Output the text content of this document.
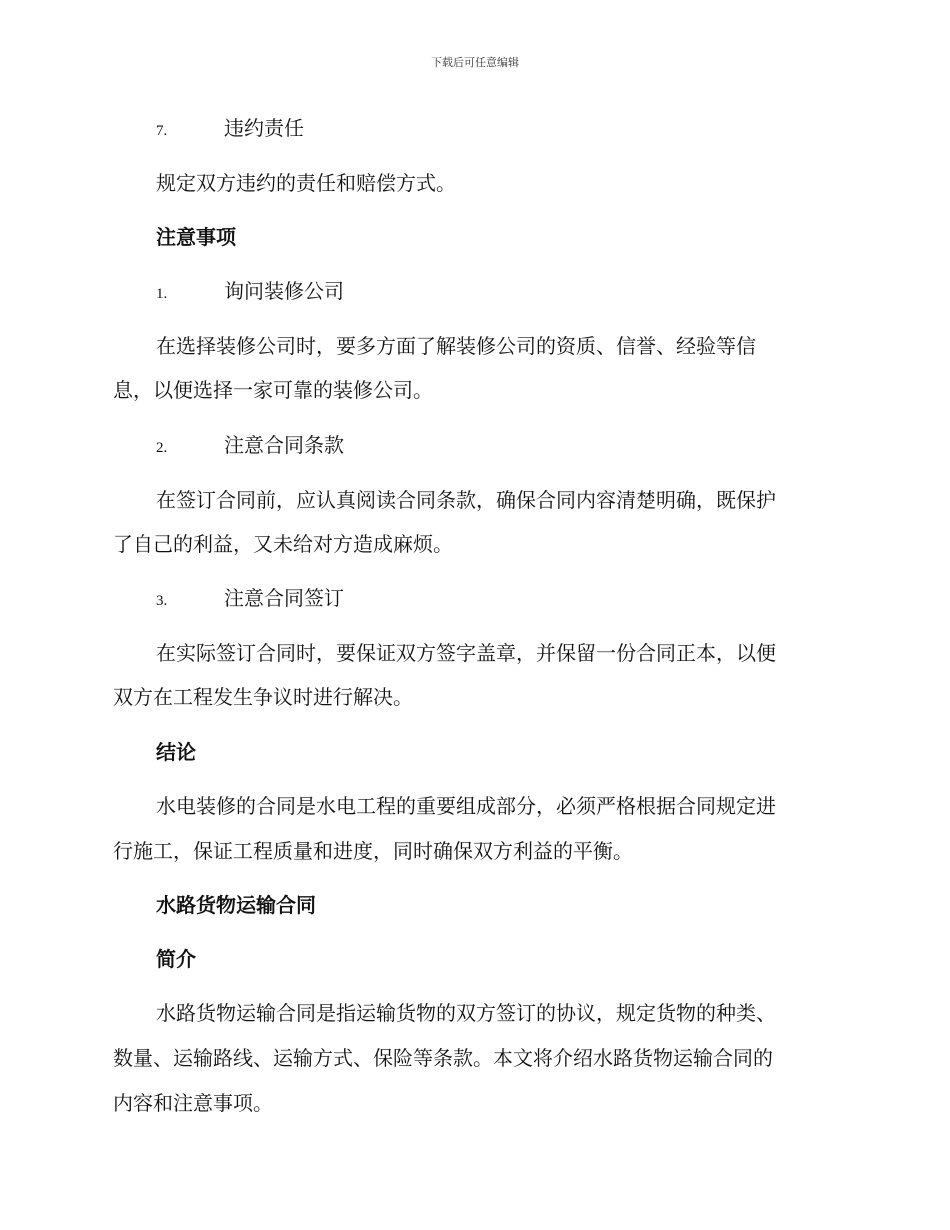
下载后可任意编辑
7.	违约责任
规定双方违约的责任和赔偿方式。
注意事项
1.	询问装修公司
在选择装修公司时，要多方面了解装修公司的资质、信誉、经验等信
息，以便选择一家可靠的装修公司。
2.	注意合同条款
在签订合同前，应认真阅读合同条款，确保合同内容清楚明确，既保护
了自己的利益，又未给对方造成麻烦。
3.	注意合同签订
在实际签订合同时，要保证双方签字盖章，并保留一份合同正本，以便
双方在工程发生争议时进行解决。
结论
水电装修的合同是水电工程的重要组成部分，必须严格根据合同规定进
行施工，保证工程质量和进度，同时确保双方利益的平衡。
水路货物运输合同
简介
水路货物运输合同是指运输货物的双方签订的协议，规定货物的种类、
数量、运输路线、运输方式、保险等条款。本文将介绍水路货物运输合同的
内容和注意事项。
